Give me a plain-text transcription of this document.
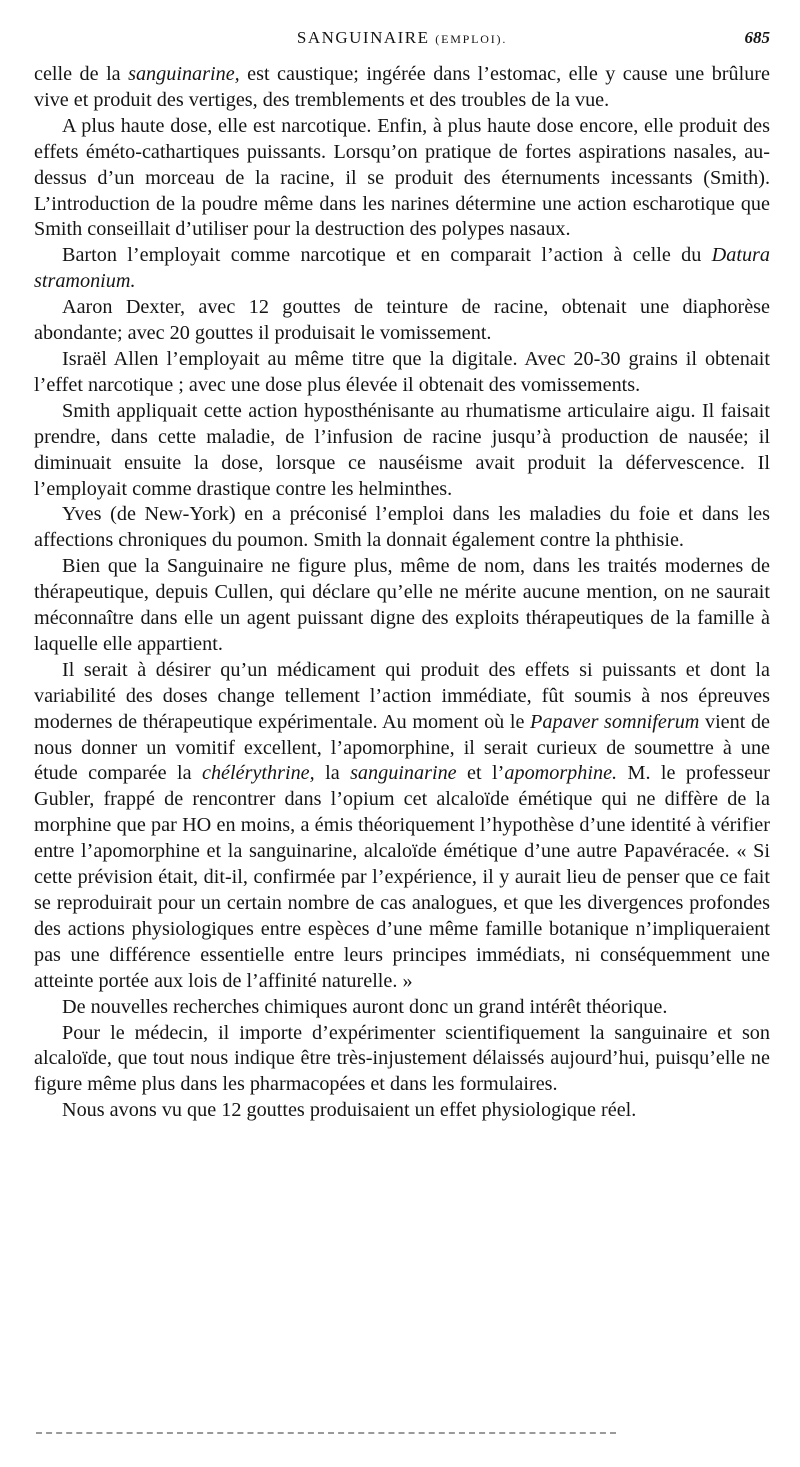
SANGUINAIRE (EMPLOI).	685

celle de la sanguinarine, est caustique; ingérée dans l’estomac, elle y cause une brûlure vive et produit des vertiges, des tremblements et des troubles de la vue.

A plus haute dose, elle est narcotique. Enfin, à plus haute dose encore, elle produit des effets éméto-cathartiques puissants. Lorsqu’on pratique de fortes aspirations nasales, au-dessus d’un morceau de la racine, il se produit des éternuments incessants (Smith). L’introduction de la poudre même dans les narines détermine une action escharotique que Smith conseillait d’utiliser pour la destruction des polypes nasaux.

Barton l’employait comme narcotique et en comparait l’action à celle du Datura stramonium.

Aaron Dexter, avec 12 gouttes de teinture de racine, obtenait une diaphorèse abondante; avec 20 gouttes il produisait le vomissement.

Israël Allen l’employait au même titre que la digitale. Avec 20-30 grains il obtenait l’effet narcotique ; avec une dose plus élevée il obtenait des vomissements.

Smith appliquait cette action hyposthénisante au rhumatisme articulaire aigu. Il faisait prendre, dans cette maladie, de l’infusion de racine jusqu’à production de nausée; il diminuait ensuite la dose, lorsque ce nauséisme avait produit la défervescence. Il l’employait comme drastique contre les helminthes.

Yves (de New-York) en a préconisé l’emploi dans les maladies du foie et dans les affections chroniques du poumon. Smith la donnait également contre la phthisie.

Bien que la Sanguinaire ne figure plus, même de nom, dans les traités modernes de thérapeutique, depuis Cullen, qui déclare qu’elle ne mérite aucune mention, on ne saurait méconnaître dans elle un agent puissant digne des exploits thérapeutiques de la famille à laquelle elle appartient.

Il serait à désirer qu’un médicament qui produit des effets si puissants et dont la variabilité des doses change tellement l’action immédiate, fût soumis à nos épreuves modernes de thérapeutique expérimentale. Au moment où le Papaver somniferum vient de nous donner un vomitif excellent, l’apomorphine, il serait curieux de soumettre à une étude comparée la chélérythrine, la sanguinarine et l’apomorphine. M. le professeur Gubler, frappé de rencontrer dans l’opium cet alcaloïde émétique qui ne diffère de la morphine que par HO en moins, a émis théoriquement l’hypothèse d’une identité à vérifier entre l’apomorphine et la sanguinarine, alcaloïde émétique d’une autre Papavéracée. « Si cette prévision était, dit-il, confirmée par l’expérience, il y aurait lieu de penser que ce fait se reproduirait pour un certain nombre de cas analogues, et que les divergences profondes des actions physiologiques entre espèces d’une même famille botanique n’impliqueraient pas une différence essentielle entre leurs principes immédiats, ni conséquemment une atteinte portée aux lois de l’affinité naturelle. »

De nouvelles recherches chimiques auront donc un grand intérêt théorique.

Pour le médecin, il importe d’expérimenter scientifiquement la sanguinaire et son alcaloïde, que tout nous indique être très-injustement délaissés aujourd’hui, puisqu’elle ne figure même plus dans les pharmacopées et dans les formulaires.

Nous avons vu que 12 gouttes produisaient un effet physiologique réel.
